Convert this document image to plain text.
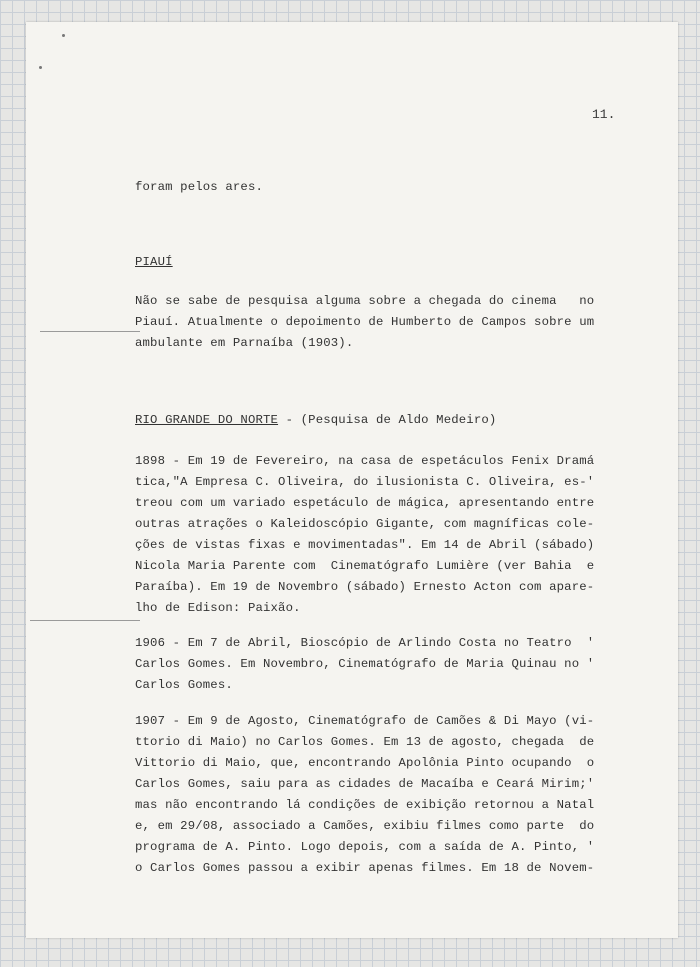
11.
foram pelos ares.
PIAUÍ
Não se sabe de pesquisa alguma sobre a chegada do cinema   no
Piauí. Atualmente o depoimento de Humberto de Campos sobre um
ambulante em Parnaíba (1903).
RIO GRANDE DO NORTE - (Pesquisa de Aldo Medeiro)
1898 - Em 19 de Fevereiro, na casa de espetáculos Fenix Dramá
tica,"A Empresa C. Oliveira, do ilusionista C. Oliveira, es-'
treou com um variado espetáculo de mágica, apresentando entre
outras atrações o Kaleidoscópio Gigante, com magníficas cole-
ções de vistas fixas e movimentadas". Em 14 de Abril (sábado)
Nicola Maria Parente com  Cinematógrafo Lumière (ver Bahia  e
Paraíba). Em 19 de Novembro (sábado) Ernesto Acton com apare-
lho de Edison: Paixão.
1906 - Em 7 de Abril, Bioscópio de Arlindo Costa no Teatro  '
Carlos Gomes. Em Novembro, Cinematógrafo de Maria Quinau no '
Carlos Gomes.
1907 - Em 9 de Agosto, Cinematógrafo de Camões & Di Mayo (vi-
ttorio di Maio) no Carlos Gomes. Em 13 de agosto, chegada  de
Vittorio di Maio, que, encontrando Apolônia Pinto ocupando  o
Carlos Gomes, saiu para as cidades de Macaíba e Ceará Mirim;'
mas não encontrando lá condições de exibição retornou a Natal
e, em 29/08, associado a Camões, exibiu filmes como parte  do
programa de A. Pinto. Logo depois, com a saída de A. Pinto, '
o Carlos Gomes passou a exibir apenas filmes. Em 18 de Novem-
